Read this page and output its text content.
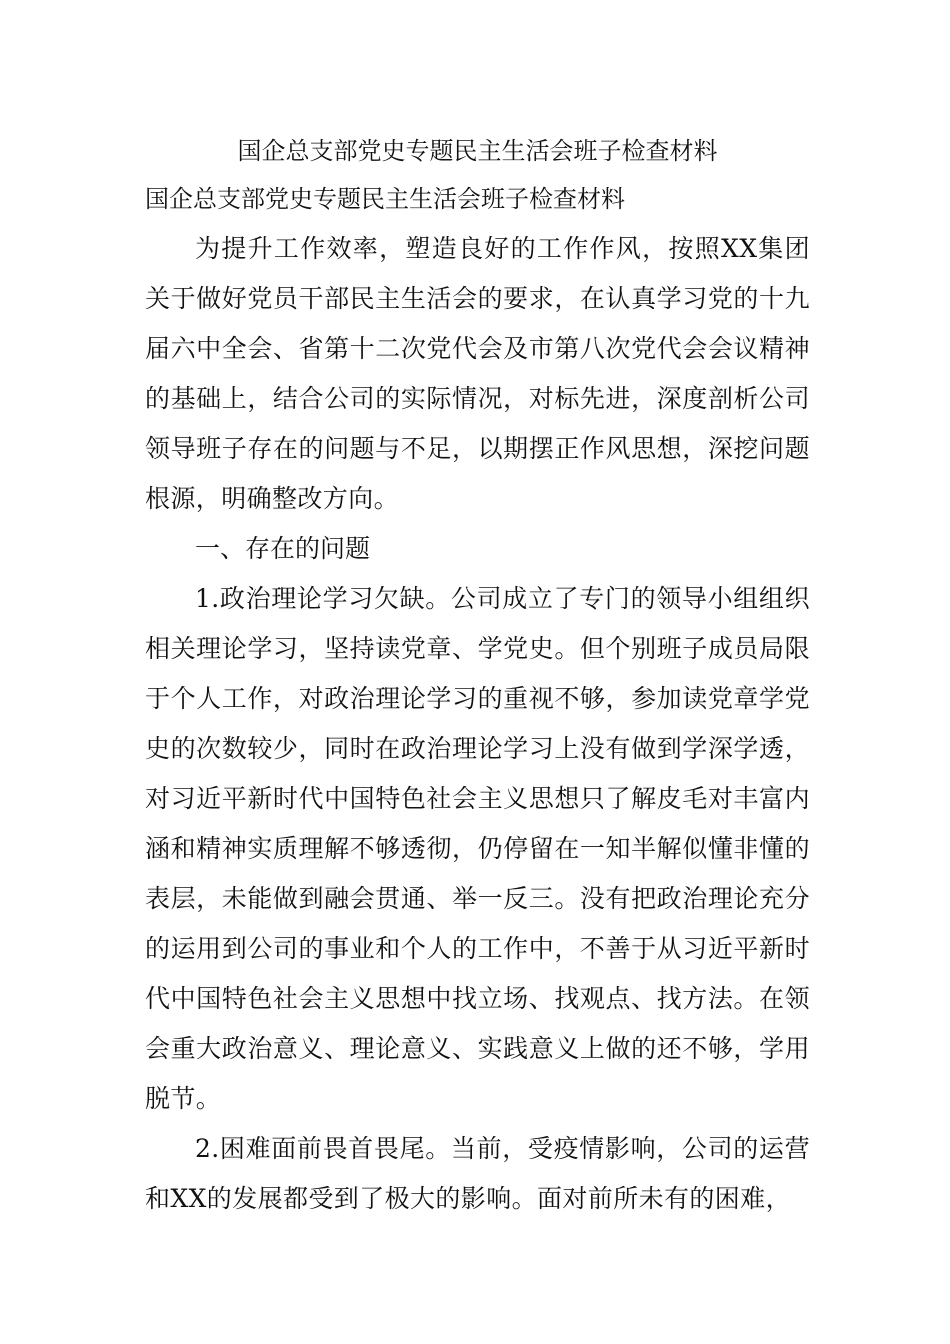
国企总支部党史专题民主生活会班子检查材料

国企总支部党史专题民主生活会班子检查材料

为提升工作效率，塑造良好的工作作风，按照XX集团关于做好党员干部民主生活会的要求，在认真学习党的十九届六中全会、省第十二次党代会及市第八次党代会会议精神的基础上，结合公司的实际情况，对标先进，深度剖析公司领导班子存在的问题与不足，以期摆正作风思想，深挖问题根源，明确整改方向。

一、存在的问题

1.政治理论学习欠缺。公司成立了专门的领导小组组织相关理论学习，坚持读党章、学党史。但个别班子成员局限于个人工作，对政治理论学习的重视不够，参加读党章学党史的次数较少，同时在政治理论学习上没有做到学深学透，对习近平新时代中国特色社会主义思想只了解皮毛对丰富内涵和精神实质理解不够透彻，仍停留在一知半解似懂非懂的表层，未能做到融会贯通、举一反三。没有把政治理论充分的运用到公司的事业和个人的工作中，不善于从习近平新时代中国特色社会主义思想中找立场、找观点、找方法。在领会重大政治意义、理论意义、实践意义上做的还不够，学用脱节。

2.困难面前畏首畏尾。当前，受疫情影响，公司的运营和XX的发展都受到了极大的影响。面对前所未有的困难，
